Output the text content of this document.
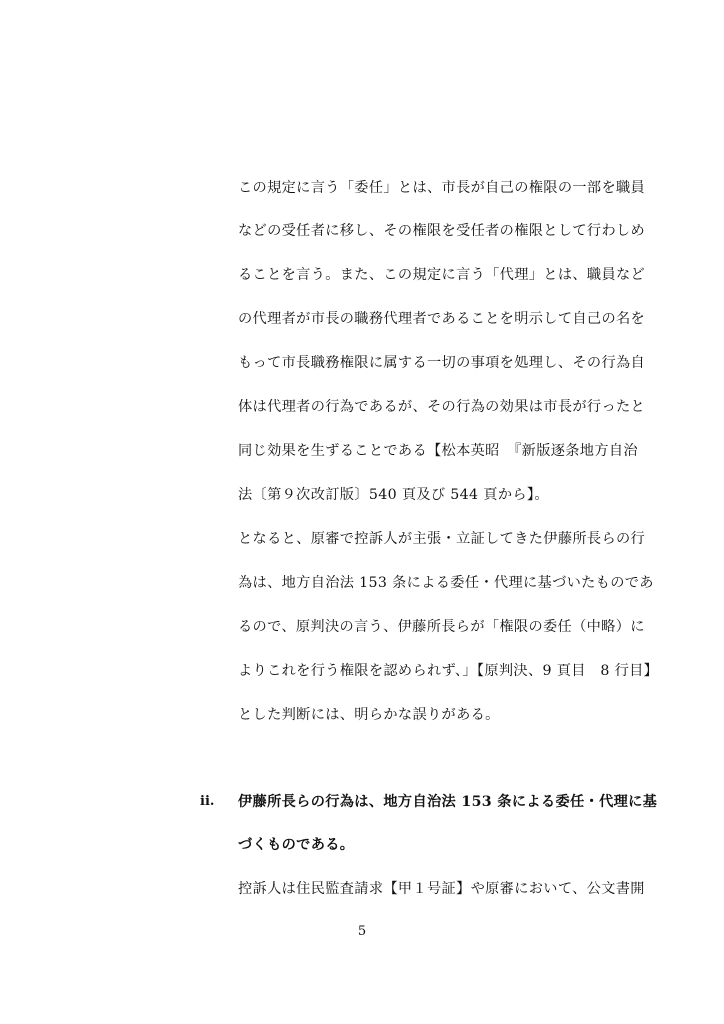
この規定に言う「委任」とは、市長が自己の権限の一部を職員
などの受任者に移し、その権限を受任者の権限として行わしめ
ることを言う。また、この規定に言う「代理」とは、職員など
の代理者が市長の職務代理者であることを明示して自己の名を
もって市長職務権限に属する一切の事項を処理し、その行為自
体は代理者の行為であるが、その行為の効果は市長が行ったと
同じ効果を生ずることである【松本英昭　『新版逐条地方自治
法〔第９次改訂版〕540 頁及び 544 頁から】。
となると、原審で控訴人が主張・立証してきた伊藤所長らの行
為は、地方自治法 153 条による委任・代理に基づいたものであ
るので、原判決の言う、伊藤所長らが「権限の委任（中略）に
よりこれを行う権限を認められず、」【原判決、9 頁目　8 行目】
とした判断には、明らかな誤りがある。
ii. 伊藤所長らの行為は、地方自治法 153 条による委任・代理に基
づくものである。
控訴人は住民監査請求【甲１号証】や原審において、公文書開
5
